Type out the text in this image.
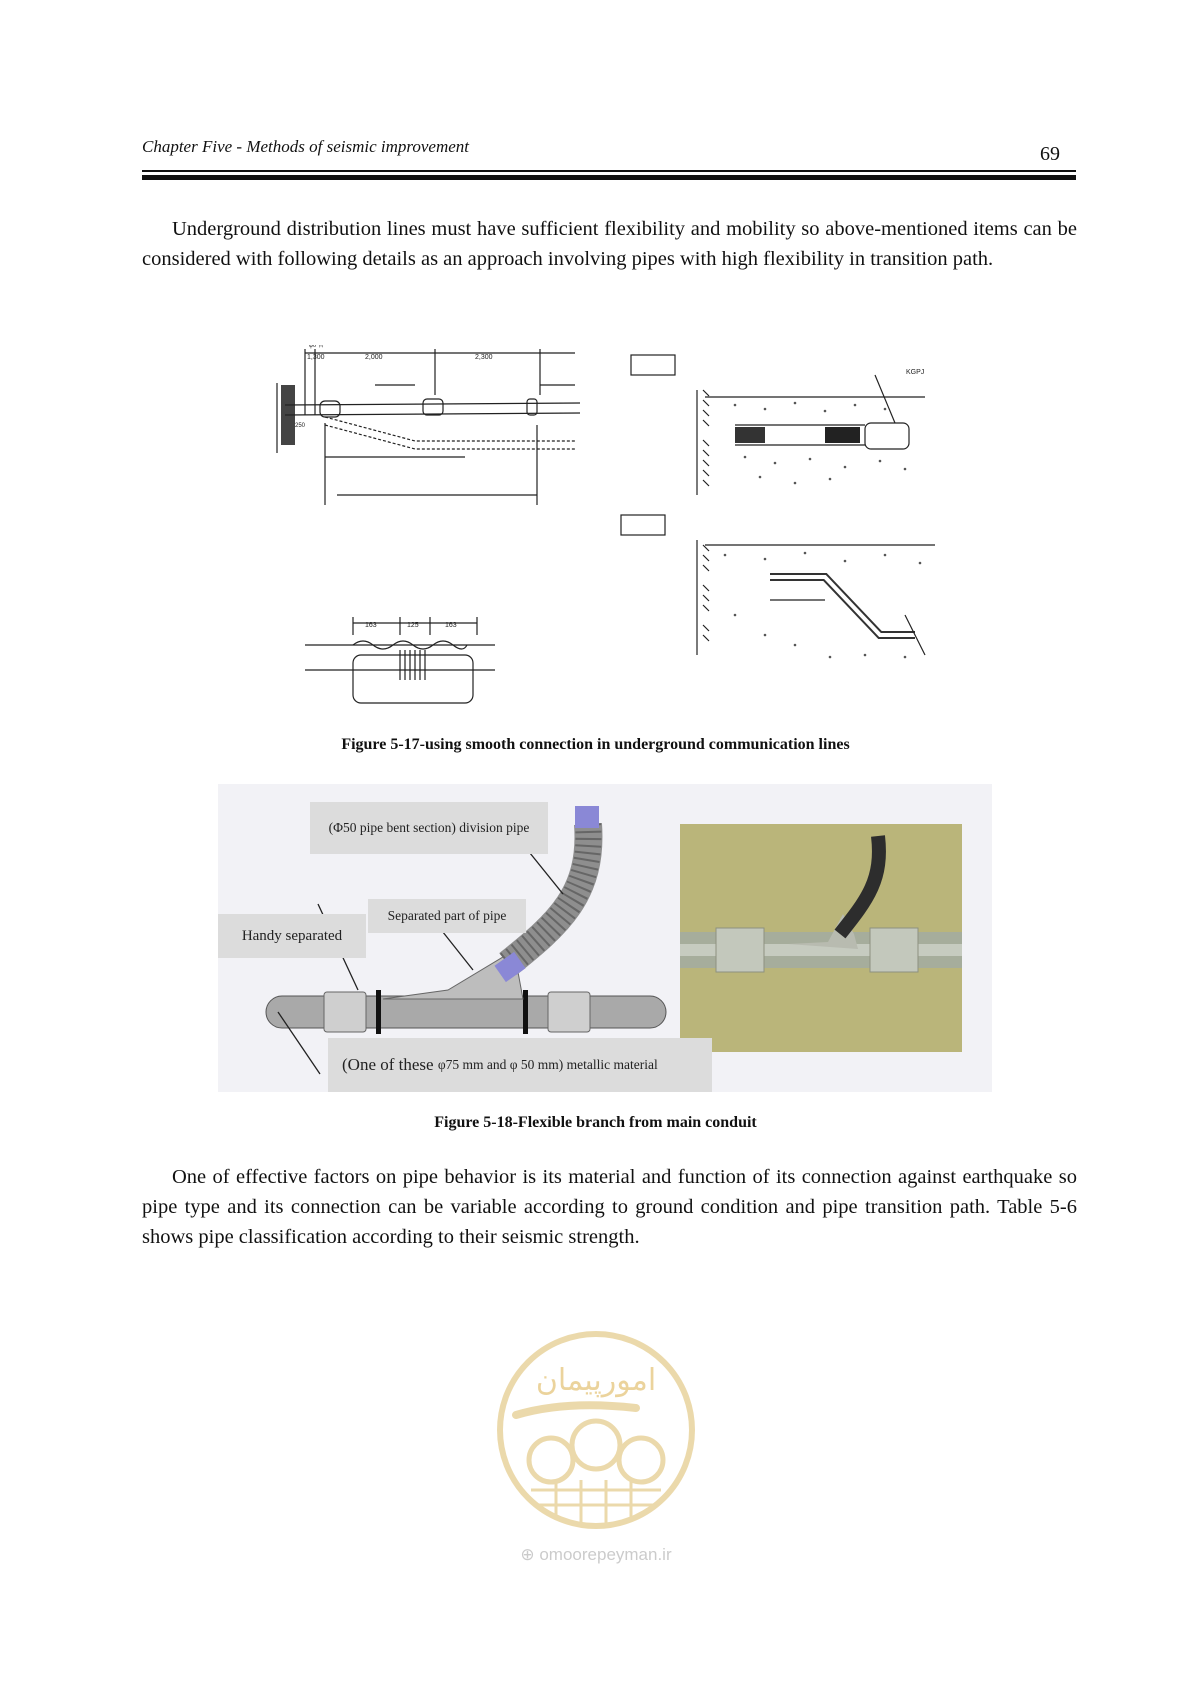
Chapter Five - Methods of seismic improvement	69

Underground distribution lines must have sufficient flexibility and mobility so above-mentioned items can be considered with following details as an approach involving pipes with high flexibility in transition path.

φ0 管
1,300	2,000	2,300
250
163	125	163
KGPJ
Figure 5-17-using smooth connection in underground communication lines
(Φ50 pipe bent section) division pipe
Separated part of pipe
Handy separated
(One of these
φ75 mm and φ 50 mm) metallic material
Figure 5-18-Flexible branch from main conduit

One of effective factors on pipe behavior is its material and function of its connection against earthquake so pipe type and its connection can be variable according to ground condition and pipe transition path. Table 5-6 shows pipe classification according to their seismic strength.

امورپیمان
⊕ omoorepeyman.ir
